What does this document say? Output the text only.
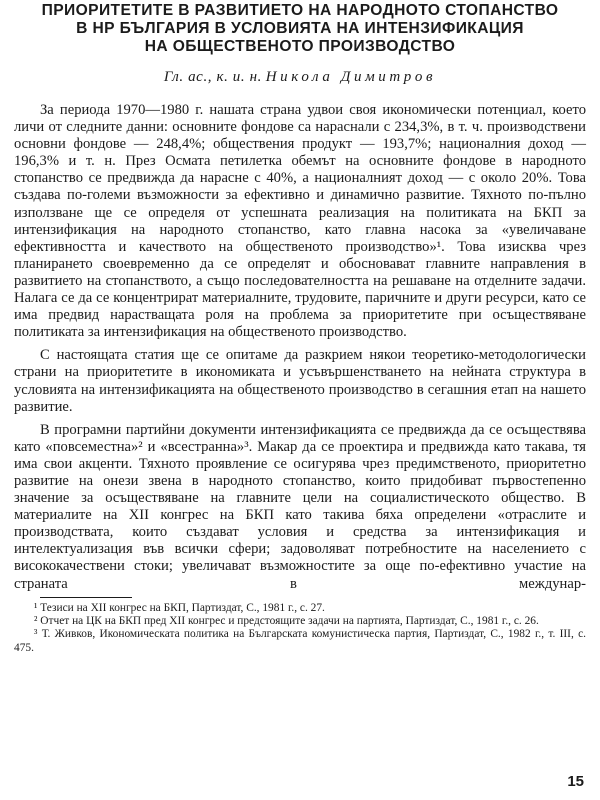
ПРИОРИТЕТИТЕ В РАЗВИТИЕТО НА НАРОДНОТО СТОПАНСТВО
В НР БЪЛГАРИЯ В УСЛОВИЯТА НА ИНТЕНЗИФИКАЦИЯ
НА ОБЩЕСТВЕНОТО ПРОИЗВОДСТВО
Гл. ас., к. и. н. Никола Димитров

За периода 1970—1980 г. нашата страна удвои своя икономически потенциал, което личи от следните данни: основните фондове са нараснали с 234,3%, в т. ч. производствени основни фондове — 248,4%; обществения продукт — 193,7%; националния доход — 196,3% и т. н. През Осмата петилетка обемът на основните фондове в народното стопанство се предвижда да нарасне с 40%, а националният доход — с около 20%. Това създава по-големи възможности за ефективно и динамично развитие. Тяхното по-пълно използване ще се определя от успешната реализация на политиката на БКП за интензификация на народното стопанство, като главна насока за «увеличаване ефективността и качеството на общественото производство»¹. Това изисква чрез планирането своевременно да се определят и обосновават главните направления в развитието на стопанството, а също последователността на решаване на отделните задачи. Налага се да се концентрират материалните, трудовите, паричните и други ресурси, като се има предвид нарастващата роля на проблема за приоритетите при осъществяване политиката за интензификация на общественото производство.

С настоящата статия ще се опитаме да разкрием някои теоретико-методологически страни на приоритетите в икономиката и усъвършенстването на нейната структура в условията на интензификацията на общественото производство в сегашния етап на нашето развитие.

В програмни партийни документи интензификацията се предвижда да се осъществява като «повсеместна»² и «всестранна»³. Макар да се проектира и предвижда като такава, тя има свои акценти. Тяхното проявление се осигурява чрез предимственото, приоритетно развитие на онези звена в народното стопанство, които придобиват първостепенно значение за осъществяване на главните цели на социалистическото общество. В материалите на XII конгрес на БКП като такива бяха определени «отраслите и производствата, които създават условия и средства за интензификация и интелектуализация във всички сфери; задоволяват потребностите на населението с висококачествени стоки; увеличават възможностите за още по-ефективно участие на страната в междунар-

¹ Тезиси на XII конгрес на БКП, Партиздат, С., 1981 г., с. 27.

² Отчет на ЦК на БКП пред XII конгрес и предстоящите задачи на партията, Партиздат, С., 1981 г., с. 26.

³ Т. Живков, Икономическата политика на Българската комунистическа партия, Партиздат, С., 1982 г., т. III, с. 475.

15
